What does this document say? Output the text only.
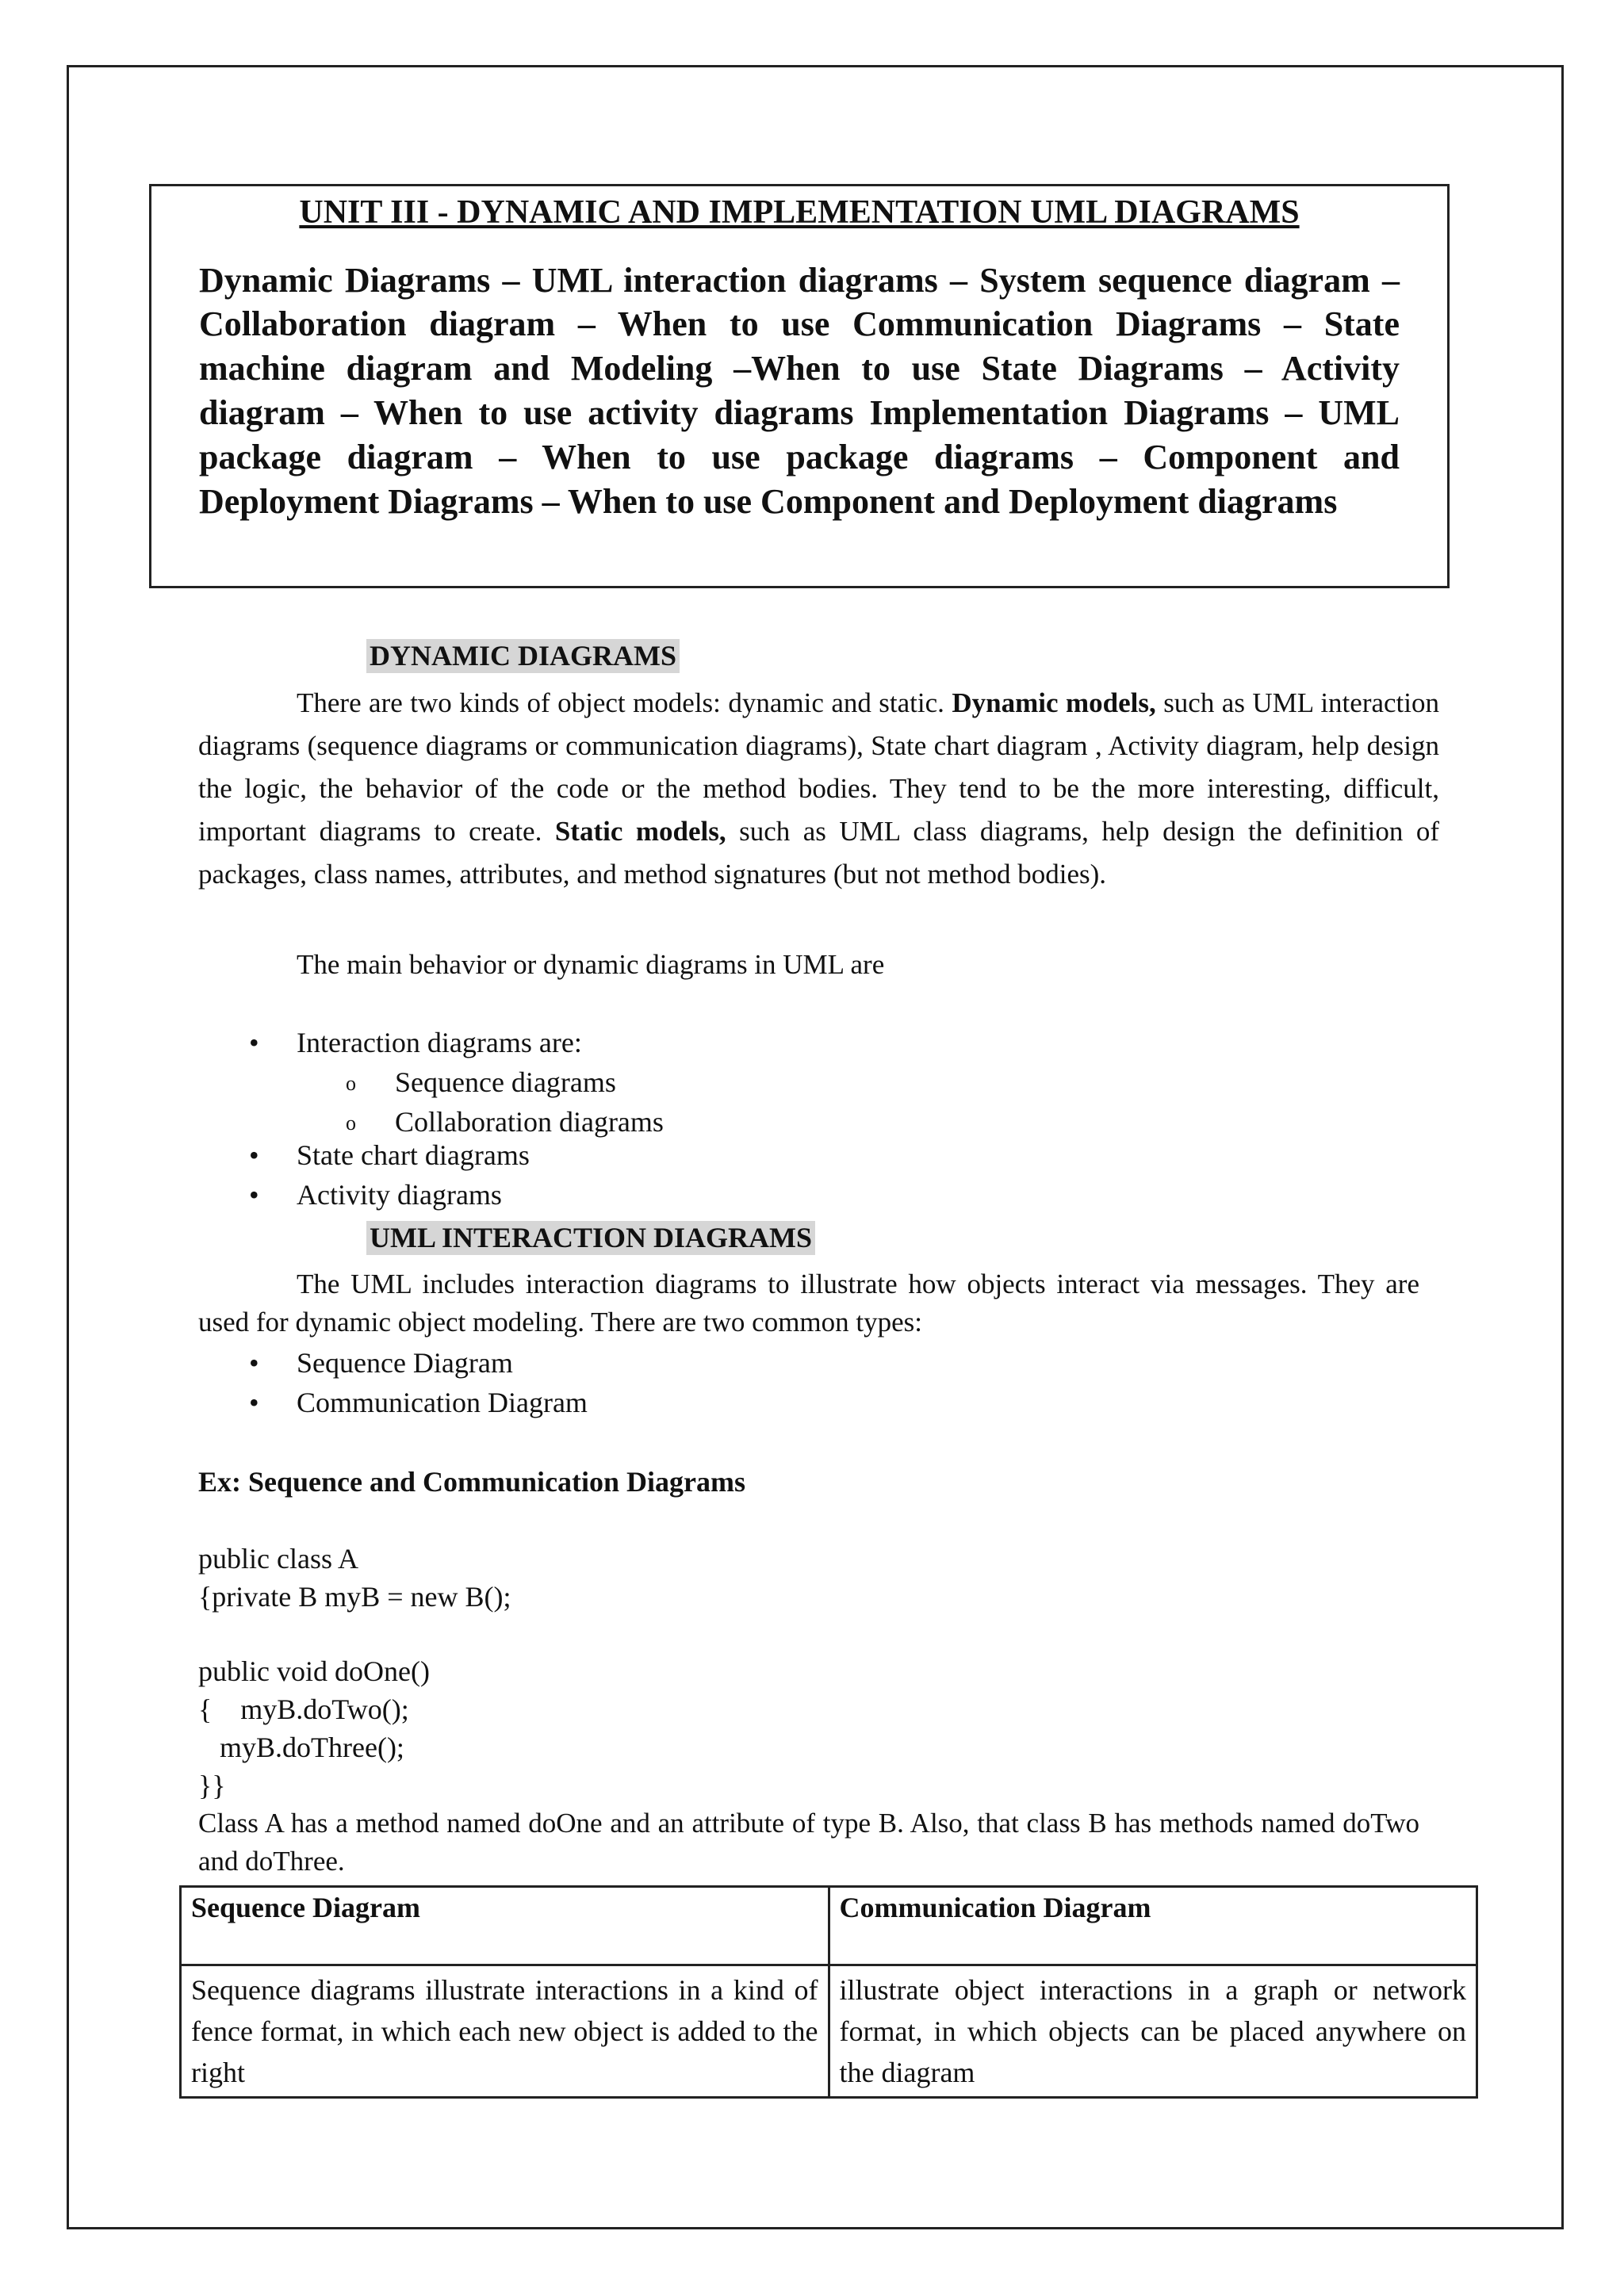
UNIT III - DYNAMIC AND IMPLEMENTATION UML DIAGRAMS
Dynamic Diagrams – UML interaction diagrams – System sequence diagram – Collaboration diagram – When to use Communication Diagrams – State machine diagram and Modeling –When to use State Diagrams – Activity diagram – When to use activity diagrams Implementation Diagrams – UML package diagram – When to use package diagrams – Component and Deployment Diagrams – When to use Component and Deployment diagrams
DYNAMIC DIAGRAMS
There are two kinds of object models: dynamic and static. Dynamic models, such as UML interaction diagrams (sequence diagrams or communication diagrams), State chart diagram , Activity diagram, help design the logic, the behavior of the code or the method bodies. They tend to be the more interesting, difficult, important diagrams to create. Static models, such as UML class diagrams, help design the definition of packages, class names, attributes, and method signatures (but not method bodies).
The main behavior or dynamic diagrams in UML are
• Interaction diagrams are:
o Sequence diagrams
o Collaboration diagrams
• State chart diagrams
• Activity diagrams
UML INTERACTION DIAGRAMS
The UML includes interaction diagrams to illustrate how objects interact via messages. They are used for dynamic object modeling. There are two common types:
• Sequence Diagram
• Communication Diagram
Ex: Sequence and Communication Diagrams
public class A
{private B myB = new B();
public void doOne()
{    myB.doTwo();
myB.doThree();
}}
Class A has a method named doOne and an attribute of type B. Also, that class B has methods named doTwo and doThree.
Sequence Diagram	Communication Diagram
Sequence diagrams illustrate interactions in a kind of fence format, in which each new object is added to the right	illustrate object interactions in a graph or network format, in which objects can be placed anywhere on the diagram
